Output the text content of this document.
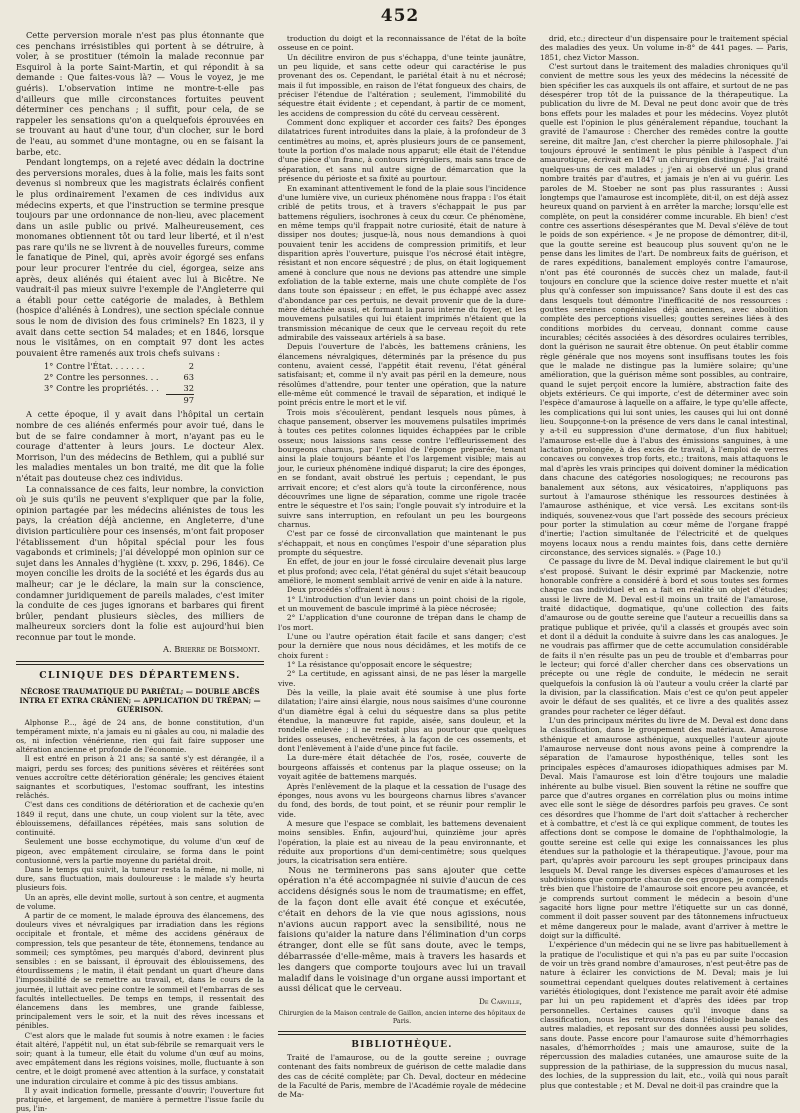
452

Cette perversion morale n'est pas plus étonnante que ces penchans irrésistibles qui portent à se détruire, à voler, à se prostituer (témoin la malade reconnue par Esquirol à la porte Saint-Martin, et qui répondit à sa demande : Que faites-vous là? — Vous le voyez, je me guéris). L'observation intime ne montre-t-elle pas d'ailleurs que mille circonstances fortuites peuvent déterminer ces penchans ; il suffit, pour cela, de se rappeler les sensations qu'on a quelquefois éprouvées en se trouvant au haut d'une tour, d'un clocher, sur le bord de l'eau, au sommet d'une montagne, ou en se faisant la barbe, etc.

Pendant longtemps, on a rejeté avec dédain la doctrine des perversions morales, dues à la folie, mais les faits sont devenus si nombreux que les magistrats éclairés confient le plus ordinairement l'examen de ces individus aux médecins experts, et que l'instruction se termine presque toujours par une ordonnance de non-lieu, avec placement dans un asile public ou privé. Malheureusement, ces monomanes obtiennent tôt ou tard leur liberté, et il n'est pas rare qu'ils ne se livrent à de nouvelles fureurs, comme le fanatique de Pinel, qui, après avoir égorgé ses enfans pour leur procurer l'entrée du ciel, égorgea, seize ans après, deux aliénés qui étaient avec lui à Bicêtre. Ne vaudrait-il pas mieux suivre l'exemple de l'Angleterre qui a établi pour cette catégorie de malades, à Bethlem (hospice d'aliénés à Londres), une section spéciale connue sous le nom de division des fous criminels? En 1823, il y avait dans cette section 54 malades; et en 1846, lorsque nous le visitâmes, on en comptait 97 dont les actes pouvaient être ramenés aux trois chefs suivans :

1° Contre l'État. . . . . . .	2
2° Contre les personnes. . .	63
3° Contre les propriétés. . .	32
97

A cette époque, il y avait dans l'hôpital un certain nombre de ces aliénés enfermés pour avoir tué, dans le but de se faire condamner à mort, n'ayant pas eu le courage d'attenter à leurs jours. Le docteur Alex. Morrison, l'un des médecins de Bethlem, qui a publié sur les maladies mentales un bon traité, me dit que la folie n'était pas douteuse chez ces individus.

La connaissance de ces faits, leur nombre, la conviction où je suis qu'ils ne peuvent s'expliquer que par la folie, opinion partagée par les médecins aliénistes de tous les pays, la création déjà ancienne, en Angleterre, d'une division particulière pour ces insensés, m'ont fait proposer l'établissement d'un hôpital spécial pour les fous vagabonds et criminels; j'ai développé mon opinion sur ce sujet dans les Annales d'hygiène (t. xxxv, p. 296, 1846). Ce moyen concilie les droits de la société et les égards dus au malheur; car je le déclare, la main sur la conscience, condamner juridiquement de pareils malades, c'est imiter la conduite de ces juges ignorans et barbares qui firent brûler, pendant plusieurs siècles, des milliers de malheureux sorciers dont la folie est aujourd'hui bien reconnue par tout le monde.

A. Brierre de Boismont.
CLINIQUE DES DÉPARTEMENS.
NÉCROSE TRAUMATIQUE DU PARIÉTAL; — DOUBLE ABCÈS INTRA ET EXTRA CRÂNIEN; — APPLICATION DU TRÉPAN; — GUÉRISON.

Alphonse P..., âgé de 24 ans, de bonne constitution, d'un tempérament mixte, n'a jamais eu ni gâales au cou, ni maladie des os, ni infection vénérienne, rien qui fait faire supposer une altération ancienne et profonde de l'économie.

Il est entré en prison à 21 ans; sa santé s'y est dérangée, il a maigri, perdu ses forces; des punitions sévères et réitérées sont venues accroître cette détérioration générale; les gencives étaient saignantes et scorbutiques, l'estomac souffrant, les intestins relâchés.

C'est dans ces conditions de détérioration et de cachexie qu'en 1849 il reçut, dans une chute, un coup violent sur la tête, avec éblouissemens, défaillances répétées, mais sans solution de continuité.

Seulement une bosse ecchymotique, du volume d'un œuf de pigeon, avec empâtement circulaire, se forma dans le point contusionné, vers la partie moyenne du pariétal droit.

Dans le temps qui suivit, la tumeur resta la même, ni molle, ni dure, sans fluctuation, mais douloureuse : le malade s'y heurta plusieurs fois.

Un an après, elle devint molle, surtout à son centre, et augmenta de volume.

A partir de ce moment, le malade éprouva des élancemens, des douleurs vives et névralgiques par irradiation dans les régions occipitale et frontale, et même des accidens généraux de compression, tels que pesanteur de tête, étonnemens, tendance au sommeil; ces symptômes, peu marqués d'abord, devinrent plus sensibles : en se baissant, il éprouvait des éblouissemens, des étourdissemens ; le matin, il était pendant un quart d'heure dans l'impossibilité de se remettre au travail, et, dans le cours de la journée, il luttait avec peine contre le sommeil et l'embarras de ses facultés intellectuelles. De temps en temps, il ressentait des élancemens dans les membres, une grande faiblesse, principalement vers le soir, et la nuit des rêves incessans et pénibles.

C'est alors que le malade fut soumis à notre examen : le facies était altéré, l'appétit nul, un état sub-fébrile se remarquait vers le soir; quant à la tumeur, elle était du volume d'un œuf au moins, avec empâtement dans les régions voisines, molle, fluctuante à son centre, et le doigt promené avec attention à la surface, y constatait une induration circulaire et comme à pic des tissus ambians.

Il y avait indication formelle, pressante d'ouvrir; l'ouverture fut pratiquée, et largement, de manière à permettre l'issue facile du pus, l'in-

troduction du doigt et la reconnaissance de l'état de la boîte osseuse en ce point.

Un décilitre environ de pus s'échappa, d'une teinte jaunâtre, un peu liquide, et sans cette odeur qui caractérise le pus provenant des os. Cependant, le pariétal était à nu et nécrosé; mais il fut impossible, en raison de l'état fongueux des chairs, de préciser l'étendue de l'altération ; seulement, l'immobilité du séquestre était évidente ; et cependant, à partir de ce moment, les accidens de compression du côté du cerveau cessèrent.

Comment donc expliquer et accorder ces faits? Des éponges dilatatrices furent introduites dans la plaie, à la profondeur de 3 centimètres au moins, et, après plusieurs jours de ce pansement, toute la portion d'os malade nous apparut; elle était de l'étendue d'une pièce d'un franc, à contours irréguliers, mais sans trace de séparation, et sans nul autre signe de démarcation que la présence du périoste et sa fixité au pourtour.

En examinant attentivement le fond de la plaie sous l'incidence d'une lumière vive, un curieux phénomène nous frappa : l'os était criblé de petits trous, et à travers s'échappait le pus par battemens réguliers, isochrones à ceux du cœur. Ce phénomène, en même temps qu'il frappait notre curiosité, était de nature à dissiper nos doutes; jusque-là, nous nous demandions à quoi pouvaient tenir les accidens de compression primitifs, et leur disparition après l'ouverture, puisque l'os nécrosé était intègre, résistant et non encore séquestré ; de plus, on était logiquement amené à conclure que nous ne devions pas attendre une simple exfoliation de la table externe, mais une chute complète de l'os dans toute son épaisseur ; en effet, le pus échappé avec assez d'abondance par ces pertuis, ne devait provenir que de la dure-mère détachée aussi, et formant la paroi interne du foyer, et les mouvemens pulsatiles qui lui étaient imprimés n'étaient que la transmission mécanique de ceux que le cerveau reçoit du rete admirabile des vaisseaux artériels à sa base.

Depuis l'ouverture de l'abcès, les battemens crâniens, les élancemens névralgiques, déterminés par la présence du pus contenu, avaient cessé, l'appétit était revenu, l'état général satisfaisant; et, comme il n'y avait pas péril en la demeure, nous résolûmes d'attendre, pour tenter une opération, que la nature elle-même eût commencé le travail de séparation, et indiqué le point précis entre le mort et le vif.

Trois mois s'écoulèrent, pendant lesquels nous pûmes, à chaque pansement, observer les mouvemens pulsatiles imprimés à toutes ces petites colonnes liquides échappées par le crible osseux; nous laissions sans cesse contre l'effleurissement des bourgeons charnus, par l'emploi de l'éponge préparée, tenant ainsi la plaie toujours béante et l'os largement visible; mais au jour, le curieux phénomène indiqué disparut; la cire des éponges, en se fondant, avait obstrué les pertuis ; cependant, le pus arrivait encore; et c'est alors qu'à toute la circonférence, nous découvrîmes une ligne de séparation, comme une rigole tracée entre le séquestre et l'os sain; l'ongle pouvait s'y introduire et la suivre sans interruption, en refoulant un peu les bourgeons charnus.

C'est par ce fossé de circonvallation que maintenant le pus s'échappait, et nous en conçûmes l'espoir d'une séparation plus prompte du séquestre.

En effet, de jour en jour le fossé circulaire devenait plus large et plus profond; avec cela, l'état général du sujet s'était beaucoup amélioré, le moment semblait arrivé de venir en aide à la nature.

Deux procédés s'offraient à nous :

1° L'introduction d'un levier dans un point choisi de la rigole, et un mouvement de bascule imprimé à la pièce nécrosée;

2° L'application d'une couronne de trépan dans le champ de l'os mort.

L'une ou l'autre opération était facile et sans danger; c'est pour la dernière que nous nous décidâmes, et les motifs de ce choix furent :

1° La résistance qu'opposait encore le séquestre;

2° La certitude, en agissant ainsi, de ne pas léser la margelle vive.

Dès la veille, la plaie avait été soumise à une plus forte dilatation; l'aire ainsi élargie, nous nous saisîmes d'une couronne d'un diamètre égal à celui du séquestre dans sa plus petite étendue, la manœuvre fut rapide, aisée, sans douleur, et la rondelle enlevée ; il ne restait plus au pourtour que quelques brides osseuses, enchevêtrées, à la façon de ces ossements, et dont l'enlèvement à l'aide d'une pince fut facile.

La dure-mère était détachée de l'os, rosée, couverte de bourgeons affaissés et contenus par la plaque osseuse; on la voyait agitée de battemens marqués.

Après l'enlèvement de la plaque et la cessation de l'usage des éponges, nous avons vu les bourgeons charnus libres s'avancer du fond, des bords, de tout point, et se réunir pour remplir le vide.

A mesure que l'espace se comblait, les battemens devenaient moins sensibles. Enfin, aujourd'hui, quinzième jour après l'opération, la plaie est au niveau de la peau environnante, et réduite aux proportions d'un demi-centimètre; sous quelques jours, la cicatrisation sera entière.

Nous ne terminerons pas sans ajouter que cette opération n'a été accompagnée ni suivie d'aucun de ces accidens désignés sous le nom de traumatisme; en effet, de la façon dont elle avait été conçue et exécutée, c'était en dehors de la vie que nous agissions, nous n'avions aucun rapport avec la sensibilité, nous ne faisions qu'aider la nature dans l'élimination d'un corps étranger, dont elle se fût sans doute, avec le temps, débarrassée d'elle-même, mais à travers les hasards et les dangers que comporte toujours avec lui un travail maladif dans le voisinage d'un organe aussi important et aussi délicat que le cerveau.

De Carville,
Chirurgien de la Maison centrale de Gaillon, ancien interne des hôpitaux de Paris.
BIBLIOTHÈQUE.

Traité de l'amaurose, ou de la goutte sereine ; ouvrage contenant des faits nombreux de guérison de cette maladie dans des cas de cécité complète; par Ch. Deval, docteur en médecine de la Faculté de Paris, membre de l'Académie royale de médecine de Ma-

drid, etc.; directeur d'un dispensaire pour le traitement spécial des maladies des yeux. Un volume in-8° de 441 pages. — Paris, 1851, chez Victor Masson.

C'est surtout dans le traitement des maladies chroniques qu'il convient de mettre sous les yeux des médecins la nécessité de bien spécifier les cas auxquels ils ont affaire, et surtout de ne pas désespérer trop tôt de la puissance de la thérapeutique. La publication du livre de M. Deval ne peut donc avoir que de très bons effets pour les malades et pour les médecins. Voyez plutôt quelle est l'opinion le plus généralement répandue, touchant la gravité de l'amaurose : Chercher des remèdes contre la goutte sereine, dit maître Jan, c'est chercher la pierre philosophale. J'ai toujours éprouvé le sentiment le plus pénible à l'aspect d'un amaurotique, écrivait en 1847 un chirurgien distingué. J'ai traité quelques-uns de ces malades ; j'en ai observé un plus grand nombre traités par d'autres, et jamais je n'en ai vu guérir. Les paroles de M. Stoeber ne sont pas plus rassurantes : Aussi longtemps que l'amaurose est incomplète, dit-il, on est déjà assez heureux quand on parvient à en arrêter la marche; lorsqu'elle est complète, on peut la considérer comme incurable. Eh bien! c'est contre ces assertions désespérantes que M. Deval s'élève de tout le poids de son expérience. « Je ne propose de démontrer, dit-il, que la goutte sereine est beaucoup plus souvent qu'on ne le pense dans les limites de l'art. De nombreux faits de guérison, et de rares expéditions, banalement employés contre l'amaurose, n'ont pas été couronnés de succès chez un malade, faut-il toujours en conclure que la science doive rester muette et n'ait plus qu'à confesser son impuissance? Sans doute il est des cas dans lesquels tout démontre l'inefficacité de nos ressources : gouttes sereines congéniales déjà anciennes, avec abolition complète des perceptions visuelles; gouttes sereines liées à des conditions morbides du cerveau, donnant comme cause incurables; cécités associées à des désordres oculaires terribles, dont la guérison ne saurait être obtenue. On peut établir comme règle générale que nos moyens sont insuffisans toutes les fois que le malade ne distingue pas la lumière solaire; qu'une amélioration, que la guérison même sont possibles, au contraire, quand le sujet perçoit encore la lumière, abstraction faite des objets extérieurs. Ce qui importe, c'est de déterminer avec soin l'espèce d'amaurose à laquelle on a affaire, le type qu'elle affecte, les complications qui lui sont unies, les causes qui lui ont donné lieu. Soupçonne-t-on la présence de vers dans le canal intestinal, y a-t-il eu suppression d'une dermatose, d'un flux habituel; l'amaurose est-elle due à l'abus des émissions sanguines, à une lactation prolongée, à des excès de travail, à l'emploi de verres concaves ou convexes trop forts, etc.; traitons, mais attaquons le mal d'après les vrais principes qui doivent dominer la médication dans chacune des catégories nosologiques; ne recourons pas banalement aux sétons, aux vésicatoires, n'appliquons pas surtout à l'amaurose sthénique les ressources destinées à l'amaurose asthénique, et vice versâ. Les excitans sont-ils indiqués, souvenez-vous que l'art possède des secours précieux pour porter la stimulation au cœur même de l'organe frappé d'inertie; l'action simultanée de l'électricité et de quelques moyens locaux nous a rendu maintes fois, dans cette dernière circonstance, des services signalés. » (Page 10.)

Ce passage du livre de M. Deval indique clairement le but qu'il s'est proposé. Suivant le désir exprimé par Mackenzie, notre honorable confrère a considéré à bord et sous toutes ses formes chaque cas individuel et en a fait en réalité un objet d'études; aussi le livre de M. Deval est-il moins un traité de l'amaurose, traité didactique, dogmatique, qu'une collection des faits d'amaurose ou de goutte sereine que l'auteur a recueillis dans sa pratique publique et privée, qu'il a classés et groupés avec soin et dont il a déduit la conduite à suivre dans les cas analogues. Je ne voudrais pas affirmer que de cette accumulation considérable de faits il n'en résulte pas un peu de trouble et d'embarras pour le lecteur; qui forcé d'aller chercher dans ces observations un précepte ou une règle de conduite, le médecin ne serait quelquefois la confusion là où l'auteur a voulu créer la clarté par la division, par la classification. Mais c'est ce qu'on peut appeler avoir le défaut de ses qualités, et ce livre a des qualités assez grandes pour racheter ce léger défaut.

L'un des principaux mérites du livre de M. Deval est donc dans la classification, dans le groupement des matériaux. Amaurose sthénique et amaurose asthénique, auxquelles l'auteur ajoute l'amaurose nerveuse dont nous avons peine à comprendre la séparation de l'amaurose hyposthénique, telles sont les principales espèces d'amauroses idiopathiques admises par M. Deval. Mais l'amaurose est loin d'être toujours une maladie inhérente au bulbe visuel. Bien souvent la rétine ne souffre que parce que d'autres organes en corrélation plus ou moins intime avec elle sont le siège de désordres parfois peu graves. Ce sont ces désordres que l'homme de l'art doit s'attacher à rechercher et à combattre, et c'est là ce qui explique comment, de toutes les affections dont se compose le domaine de l'ophthalmologie, la goutte sereine est celle qui exige les connaissances les plus étendues sur la pathologie et la thérapeutique. J'avoue, pour ma part, qu'après avoir parcouru les sept groupes principaux dans lesquels M. Deval range les diverses espèces d'amauroses et les subdivisions que comporte chacun de ces groupes, je comprends très bien que l'histoire de l'amaurose soit encore peu avancée, et je comprends surtout comment le médecin a besoin d'une sagacité hors ligne pour mettre l'étiquette sur un cas donné, comment il doit passer souvent par des tâtonnemens infructueux et même dangereux pour le malade, avant d'arriver à mettre le doigt sur la difficulté.

L'expérience d'un médecin qui ne se livre pas habituellement à la pratique de l'oculistique et qui n'a pas eu par suite l'occasion de voir un très grand nombre d'amauroses, n'est peut-être pas de nature à éclairer les convictions de M. Deval; mais je lui soumettrai cependant quelques doutes relativement à certaines variétés étiologiques, dont l'existence me paraît avoir été admise par lui un peu rapidement et d'après des idées par trop personnelles. Certaines causes qu'il invoque dans sa classification, nous les retrouvons dans l'étiologie banale des autres maladies, et reposant sur des données aussi peu solides, sans doute. Passe encore pour l'amaurose suite d'hémorrhagies nasales, d'hémorrhoïdes ; mais une amaurose, suite de la répercussion des maladies cutanées, une amaurose suite de la suppression de la pathiriase, de la suppression du mucus nasal, des lochies, de la suppression du lait, etc., voilà qui nous paraît plus que contestable ; et M. Deval ne doit-il pas craindre que la
